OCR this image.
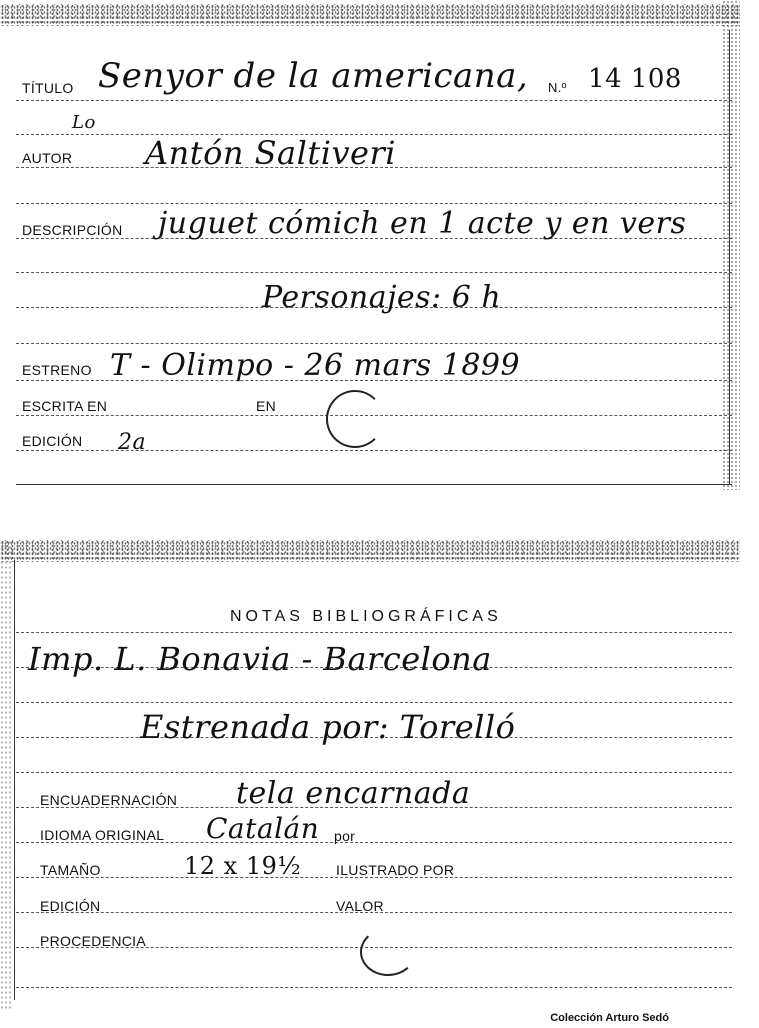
TÍTULO Senyor de la americana, N.º 14 108
Lo
AUTOR Antón Saltiveri
DESCRIPCIÓN juguet cómich en 1 acte y en vers
Personajes: 6 h
ESTRENO T - Olimpo - 26 mars 1899
ESCRITA EN	EN
EDICIÓN 2a
NOTAS BIBLIOGRÁFICAS
Imp. L. Bonavia - Barcelona
Estrenada por: Torelló
ENCUADERNACIÓN tela encarnada
IDIOMA ORIGINAL Catalán por
TAMAÑO	12 x 19½ ILUSTRADO POR
EDICIÓN	VALOR
PROCEDENCIA
Colección Arturo Sedó
